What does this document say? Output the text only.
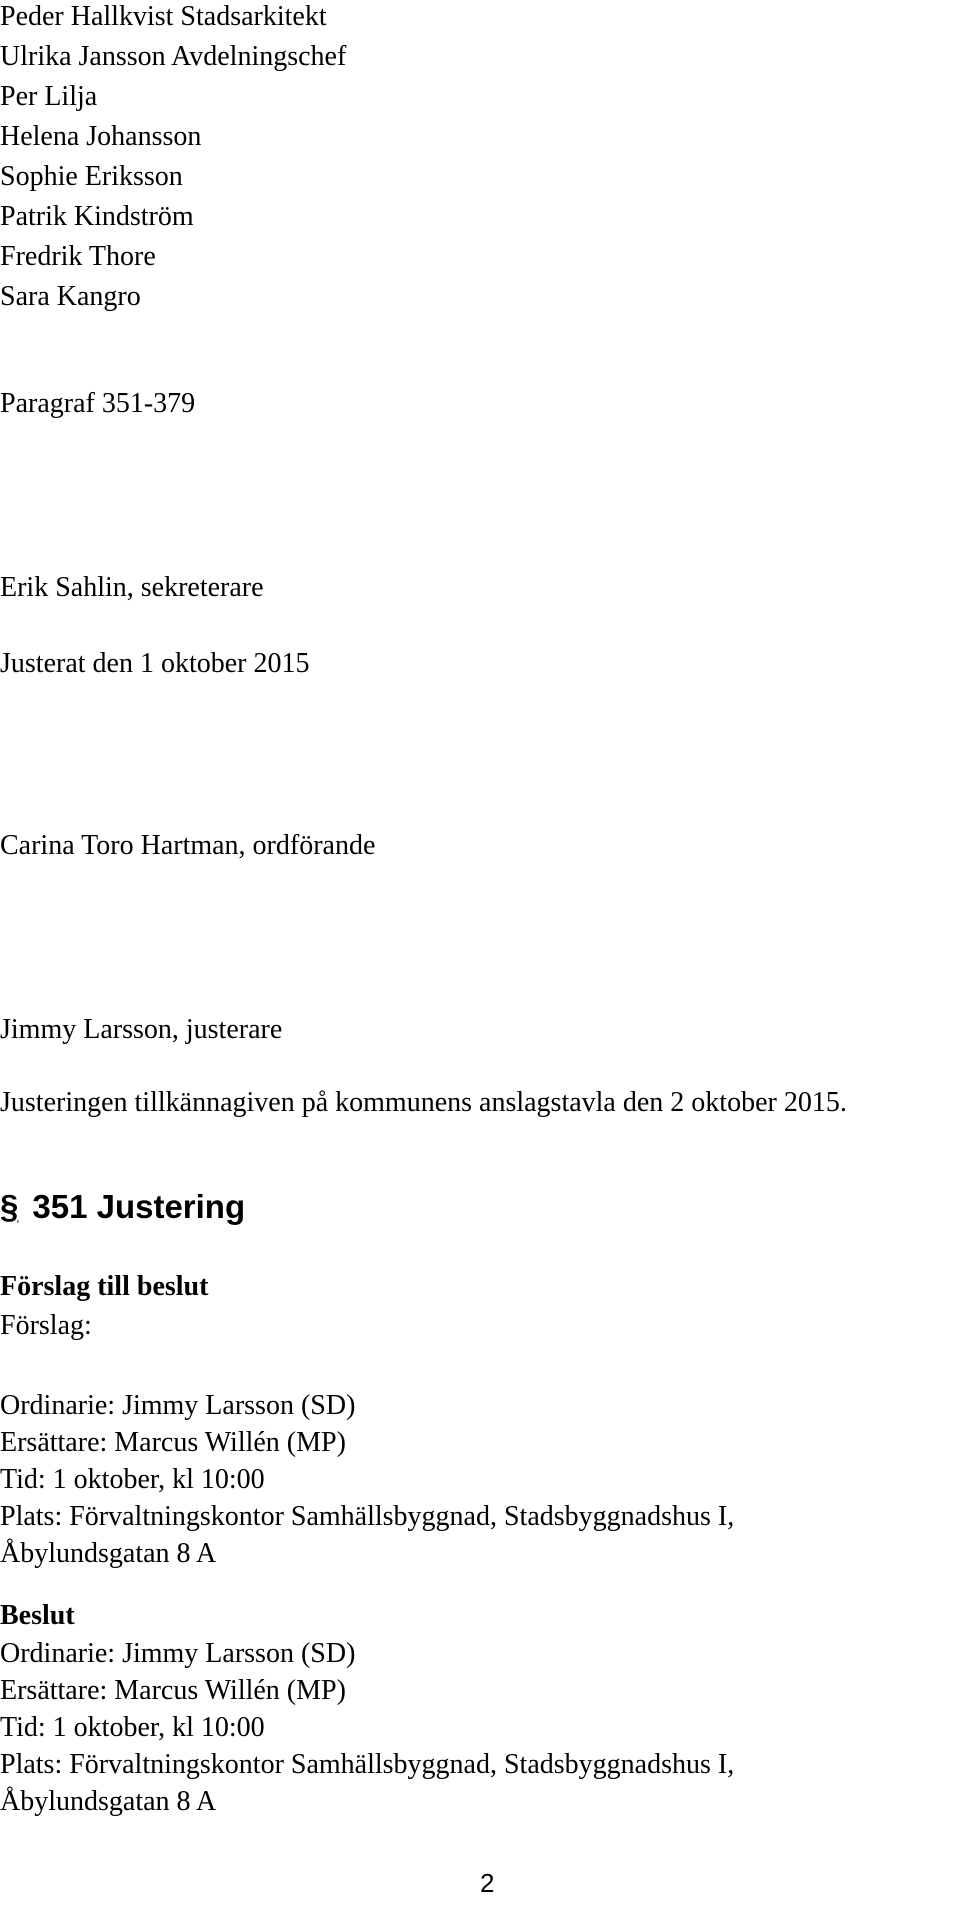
Peder Hallkvist Stadsarkitekt

Ulrika Jansson Avdelningschef

Per Lilja

Helena Johansson

Sophie Eriksson

Patrik Kindström

Fredrik Thore

Sara Kangro

Paragraf 351-379

Erik Sahlin, sekreterare

Justerat den 1 oktober 2015

Carina Toro Hartman, ordförande

Jimmy Larsson, justerare

Justeringen tillkännagiven på kommunens anslagstavla den 2 oktober 2015.

§ 351 Justering

Förslag till beslut

Förslag:

Ordinarie: Jimmy Larsson (SD)

Ersättare: Marcus Willén (MP)

Tid: 1 oktober, kl 10:00

Plats: Förvaltningskontor Samhällsbyggnad, Stadsbyggnadshus I,

Åbylundsgatan 8 A

Beslut

Ordinarie: Jimmy Larsson (SD)

Ersättare: Marcus Willén (MP)

Tid: 1 oktober, kl 10:00

Plats: Förvaltningskontor Samhällsbyggnad, Stadsbyggnadshus I,

Åbylundsgatan 8 A

2
